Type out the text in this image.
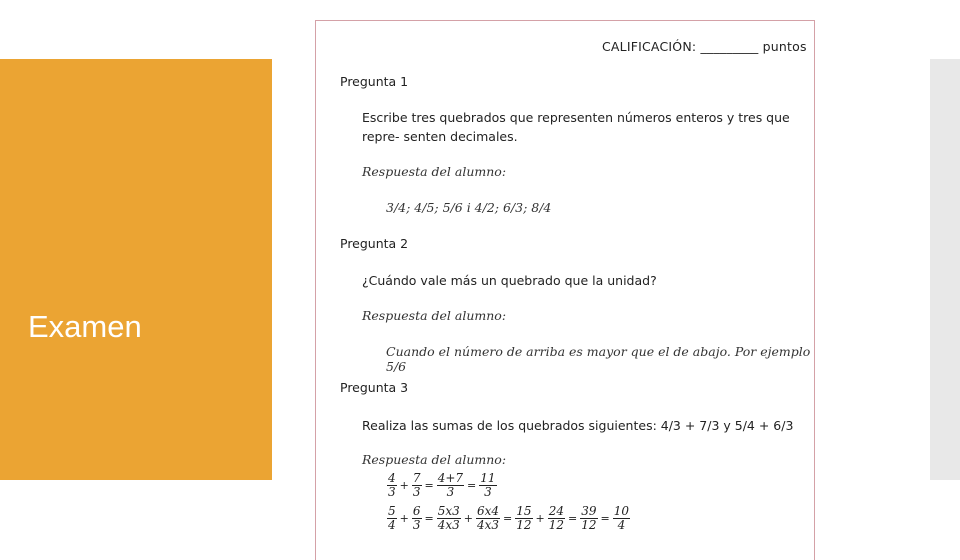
Examen
CALIFICACIÓN: _________ puntos
Pregunta 1
Escribe tres quebrados que representen números enteros y tres que repre- senten decimales.
Respuesta del alumno:
3/4; 4/5; 5/6 i 4/2; 6/3; 8/4
Pregunta 2
¿Cuándo vale más un quebrado que la unidad?
Respuesta del alumno:
Cuando el número de arriba es mayor que el de abajo. Por ejemplo 5/6
Pregunta 3
Realiza las sumas de los quebrados siguientes: 4/3 + 7/3 y 5/4 + 6/3
Respuesta del alumno:
$\frac{4}{3} + \frac{7}{3} = \frac{4+7}{3} = \frac{11}{3}$
$\frac{5}{4} + \frac{6}{3} = \frac{5x3}{4x3} + \frac{6x4}{4x3} = \frac{15}{12} + \frac{24}{12} = \frac{39}{12} = \frac{10}{4}$
